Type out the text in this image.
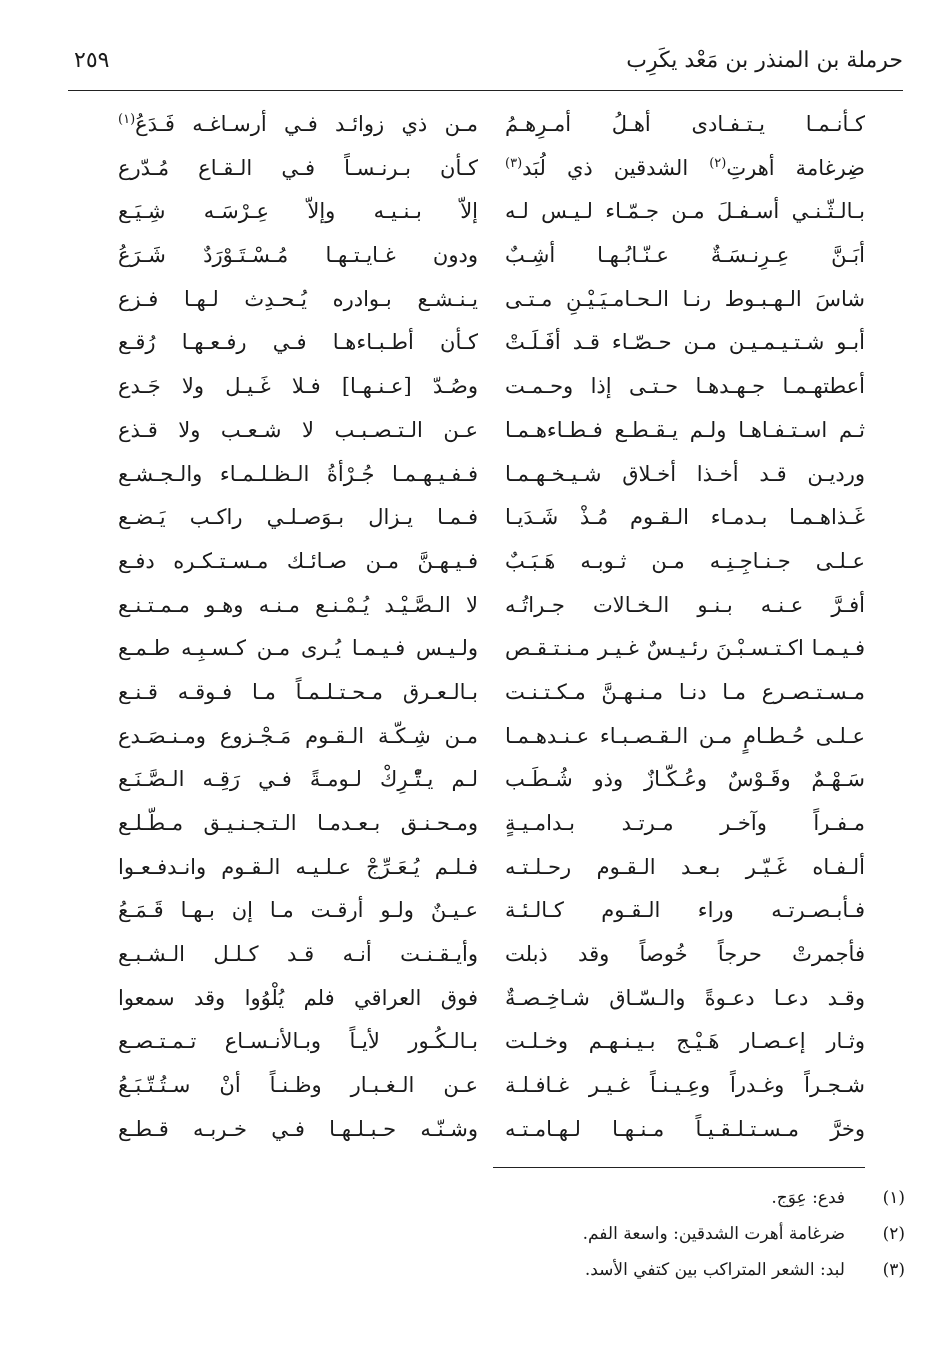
حرملة بن المنذر بن مَعْد يكَرِب
٢٥٩
كـأنـمـا يـتـفـادى أهـلُ أمـرِهـمُ
ضِرغامة أهرتِ$^{(٢)}$ الشدقين ذي لُبَد$^{(٣)}$
بـالـثّـنـي أسـفـلَ مـن جـمّـاء لـيـس لـه
أبَـنَّ عِـرِنـسَـةٌ عـنّـابُـهـا أشِـبٌ
شاسَ الـهـبـوط رنـا الـحـامـيَـيْـنِ مـتـى
أبـو شـتـيـمـيـن مـن حـصّـاء قـد أفَـلَـتْ
أعطتهـمـا جـهـدهـا حـتـى إذا وحـمـت
ثـم اسـتـفـاهـا ولـم يـقـطـع فـطـاءهـمـا
ورديـن قـد أخـذا أخـلاق شـيـخـهـمـا
غَـذاهـمـا بـدمـاء الـقـوم مُـذْ شَـدَيـا
عـلـى جـنـاجِـنِـه مـن ثـوبـه هَـبَـبٌ
أفـرَّ عـنـه بـنـو الـخـالات جـراتُـه
فـيـمـا اكـتـسـبْـنَ رئـيـسٌ غـيـر مـنـتـقـص
مـسـتـصـرع مـا دنـا مـنـهـنَّ مـكـتـنـت
عـلـى حُـطـامٍ مـن الـقـصـبـاء عـنـدهـمـا
سَـهْـمٌ وقَـوْسٌ وعُـكّـازٌ وذو شُـطَـب
مـفـراً وآخـر مـرتـد بـدامـيـةٍ
ألـفـاه غَـيّـر بـعـد الـقـوم رحـلـتـه
فـأبـصـرتـه وراء الـقـوم كـالـئـة
فأجمرتْ حرجاً خُوصاً وقد ذبلت
وقـد دعـا دعـوةً والـسّـاق شـاخِـصـةٌ
وثـار إعـصـار هَـيْـج بـيـنـهـم وخـلـت
شـجـراً وغـدراً وعِـيـنـاً غـيـر غـافـلـة
وخرَّ مـسـتـلـقـيـاً مـنـهـا لـهـامـتـه
مـن ذي زوائـد فـي أرسـاغـه فَـدَعُ$^{(١)}$
كـأن بـرنـسـاً فـي الـقـاع مُـدّرع
إلاّ بـنـيـه وإلاّ عِـرْسَـه شِـيَـع
ودون غـايـتـهـا مُـسْـتَـوْرَدٌ شَـرَعُ
يـنـشـع بـوادره يُـحـدِث لـهـا فـزع
كـأن أطـبـاءهـا فـي رفـعـهـا رُقـع
وصُـدّ [عـنـهـا] فـلا غَـيـل ولا جَـدع
عـن الـتـصـبـب لا شـعـب ولا قـذع
فـفـيـهـمـا جُـرْأةُ الـظـلـمـاء والـجـشـع
فـمـا يـزال بـوَصـلـي راكـب يَـضـع
فـيـهـنَّ مـن صـائـك مـسـتـكـره دفـع
لا الـصَّـيْـد يُـمْـنـع مـنـه وهـو مـمـتـنـع
ولـيـس فـيـمـا يُـرى مـن كـسـبِـه طـمـع
بـالـعـرق مـحـتـلـمـاً مـا فـوقـه قـنـع
مـن شِـكّـة الـقـوم مَـجْـزوع ومـنـصَـدع
لـم يـتّْـرِكْ لـومـةً فـي رَقِـه الـصَّـنَـع
ومـحـنـق بـعـدمـا الـتـجـنـيـق مـطّـلـع
فـلـم يُـعَـرِّجْ عـلـيـه الـقـوم وانـدفـعـوا
عـيـنٌ ولـو أرقـت مـا إن بـهـا قَـمَـعُ
وأيـقـنـت أنـه قـد كـلـل الـشـبـع
فوق العراقي فلم يُلْوُوا وقد سمعوا
بـالـكُـور لأيـاً وبـالأنـسـاع تـمـتـصـع
عـن الـغـبـار وظـنـاً أنْ سـتُـتّـبَـعُ
وشـنّـه حـبـلـهـا فـي خـربـه قـطـع
(١)
فدع: عِوَج.
(٢)
ضرغامة أهرت الشدقين: واسعة الفم.
(٣)
لبد: الشعر المتراكب بين كتفي الأسد.
